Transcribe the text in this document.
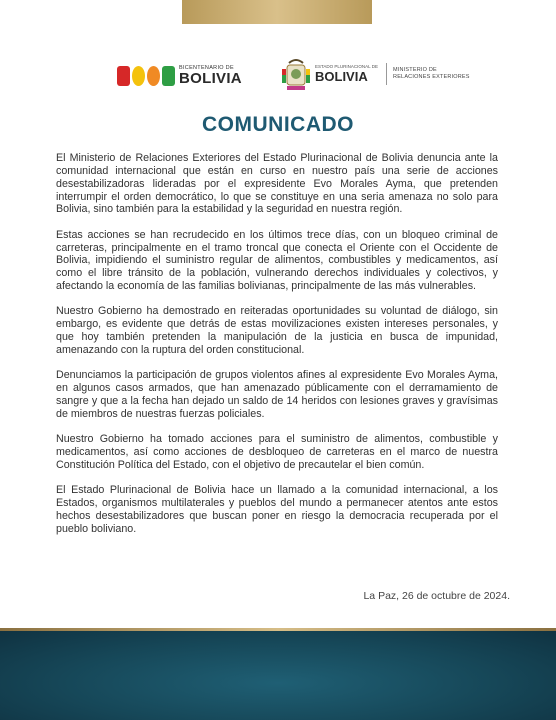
BICENTENARIO DE
BOLIVIA
ESTADO PLURINACIONAL DE
BOLIVIA	MINISTERIO DE
RELACIONES EXTERIORES
COMUNICADO

El Ministerio de Relaciones Exteriores del Estado Plurinacional de Bolivia denuncia ante la comunidad internacional que están en curso en nuestro país una serie de acciones desestabilizadoras lideradas por el expresidente Evo Morales Ayma, que pretenden interrumpir el orden democrático, lo que se constituye en una seria amenaza no solo para Bolivia, sino también para la estabilidad y la seguridad en nuestra región.

Estas acciones se han recrudecido en los últimos trece días, con un bloqueo criminal de carreteras, principalmente en el tramo troncal que conecta el Oriente con el Occidente de Bolivia, impidiendo el suministro regular de alimentos, combustibles y medicamentos, así como el libre tránsito de la población, vulnerando derechos individuales y colectivos, y afectando la economía de las familias bolivianas, principalmente de las más vulnerables.

Nuestro Gobierno ha demostrado en reiteradas oportunidades su voluntad de diálogo, sin embargo, es evidente que detrás de estas movilizaciones existen intereses personales, y que hoy también pretenden la manipulación de la justicia en busca de impunidad, amenazando con la ruptura del orden constitucional.

Denunciamos la participación de grupos violentos afines al expresidente Evo Morales Ayma, en algunos casos armados, que han amenazado públicamente con el derramamiento de sangre y que a la fecha han dejado un saldo de 14 heridos con lesiones graves y gravísimas de miembros de nuestras fuerzas policiales.

Nuestro Gobierno ha tomado acciones para el suministro de alimentos, combustible y medicamentos, así como acciones de desbloqueo de carreteras en el marco de nuestra Constitución Política del Estado, con el objetivo de precautelar el bien común.

El Estado Plurinacional de Bolivia hace un llamado a la comunidad internacional, a los Estados, organismos multilaterales y pueblos del mundo a permanecer atentos ante estos hechos desestabilizadores que buscan poner en riesgo la democracia recuperada por el pueblo boliviano.

La Paz, 26 de octubre de 2024.
